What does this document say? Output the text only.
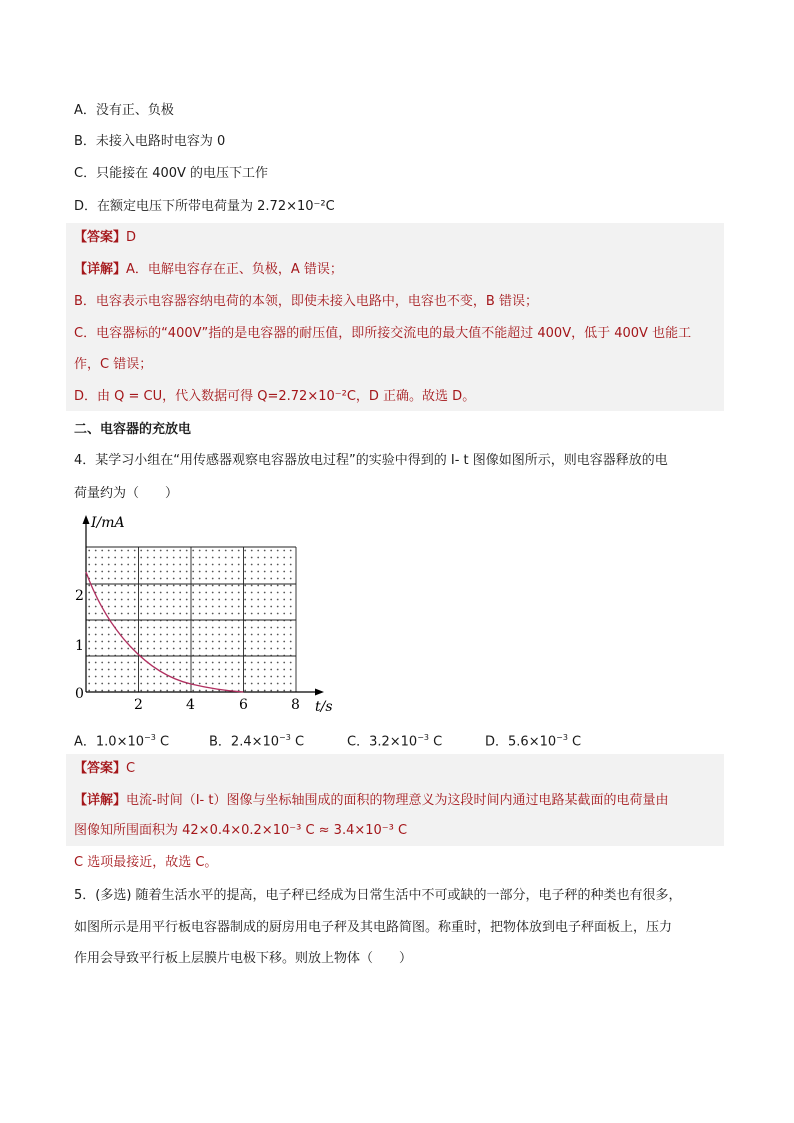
A．没有正、负极
B．未接入电路时电容为 0
C．只能接在 400V 的电压下工作
D．在额定电压下所带电荷量为 2.72×10⁻²C
【答案】D
【详解】A．电解电容存在正、负极，A 错误；
B．电容表示电容器容纳电荷的本领，即使未接入电路中，电容也不变，B 错误；
C．电容器标的“400V”指的是电容器的耐压值，即所接交流电的最大值不能超过 400V，低于 400V 也能工
作，C 错误；
D．由 Q = CU，代入数据可得 Q=2.72×10⁻²C，D 正确。故选 D。
二、电容器的充放电
4．某学习小组在“用传感器观察电容器放电过程”的实验中得到的 I- t 图像如图所示，则电容器释放的电
荷量约为（　　）
I/mA
t/s
0
1
2
2	4	6	8
A．$1.0\times 10^{-3}$ C	B．$2.4\times 10^{-3}$ C	C．$3.2\times 10^{-3}$ C	D．$5.6\times 10^{-3}$ C
【答案】C
【详解】电流-时间（I- t）图像与坐标轴围成的面积的物理意义为这段时间内通过电路某截面的电荷量由
图像知所围面积为 42×0.4×0.2×10⁻³ C ≈ 3.4×10⁻³ C
C 选项最接近，故选 C。
5．(多选) 随着生活水平的提高，电子秤已经成为日常生活中不可或缺的一部分，电子秤的种类也有很多，
如图所示是用平行板电容器制成的厨房用电子秤及其电路简图。称重时，把物体放到电子秤面板上，压力
作用会导致平行板上层膜片电极下移。则放上物体（　　）
